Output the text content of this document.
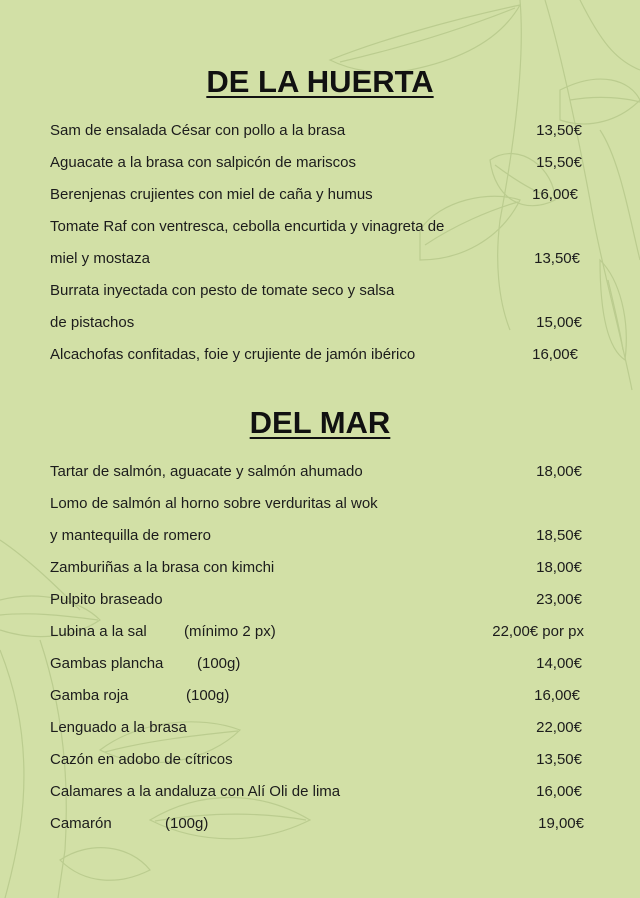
DE LA HUERTA
Sam de ensalada César con pollo a la brasa	13,50€
Aguacate a la brasa con salpicón de mariscos	15,50€
Berenjenas crujientes con miel de caña y humus	16,00€
Tomate Raf con ventresca, cebolla encurtida y vinagreta de
miel y mostaza	13,50€
Burrata inyectada con pesto de tomate seco y salsa
de pistachos	15,00€
Alcachofas confitadas, foie y crujiente de jamón ibérico	16,00€
DEL MAR
Tartar de salmón, aguacate y salmón ahumado	18,00€
Lomo de salmón al horno sobre verduritas al wok
y mantequilla de romero	18,50€
Zamburiñas a la brasa con kimchi	18,00€
Pulpito braseado	23,00€
Lubina a la sal (mínimo 2 px)	22,00€ por px
Gambas plancha (100g)	14,00€
Gamba roja	(100g)	16,00€
Lenguado a la brasa	22,00€
Cazón en adobo de cítricos	13,50€
Calamares a la andaluza con Alí Oli de lima	16,00€
Camarón	(100g)	19,00€
